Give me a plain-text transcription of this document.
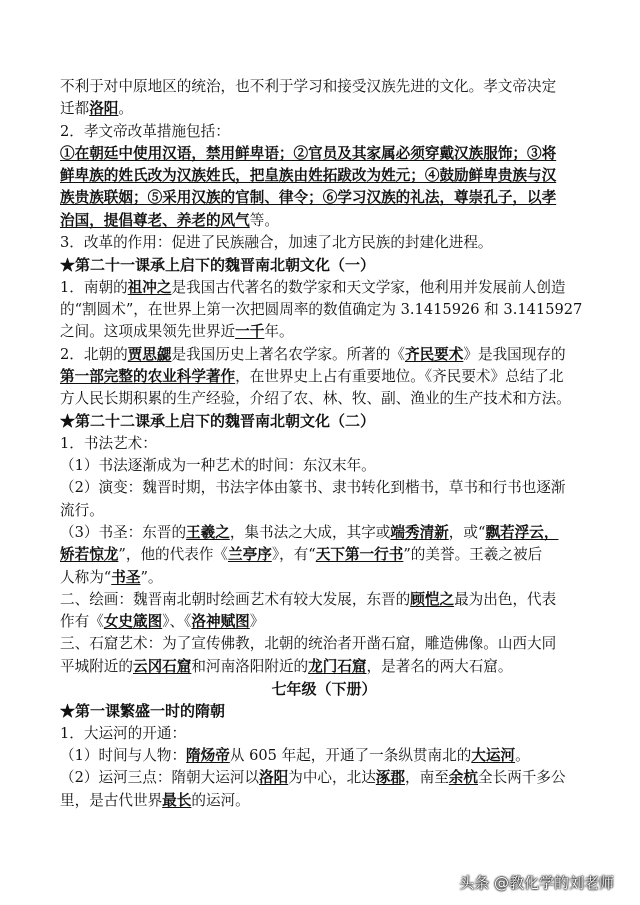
不利于对中原地区的统治，也不利于学习和接受汉族先进的文化。孝文帝决定
迁都洛阳。
2．孝文帝改革措施包括：
①在朝廷中使用汉语，禁用鲜卑语；②官员及其家属必须穿戴汉族服饰；③将
鲜卑族的姓氏改为汉族姓氏，把皇族由姓拓跋改为姓元；④鼓励鲜卑贵族与汉
族贵族联姻；⑤采用汉族的官制、律令；⑥学习汉族的礼法，尊崇孔子，以孝
治国，提倡尊老、养老的风气等。
3．改革的作用：促进了民族融合，加速了北方民族的封建化进程。
★第二十一课承上启下的魏晋南北朝文化（一）
1．南朝的祖冲之是我国古代著名的数学家和天文学家，他利用并发展前人创造
的“割圆术”，在世界上第一次把圆周率的数值确定为 3.1415926 和 3.1415927
之间。这项成果领先世界近一千年。
2．北朝的贾思勰是我国历史上著名农学家。所著的《齐民要术》是我国现存的
第一部完整的农业科学著作，在世界史上占有重要地位。《齐民要术》总结了北
方人民长期积累的生产经验，介绍了农、林、牧、副、渔业的生产技术和方法。
★第二十二课承上启下的魏晋南北朝文化（二）
1．书法艺术：
（1）书法逐渐成为一种艺术的时间：东汉末年。
（2）演变：魏晋时期，书法字体由篆书、隶书转化到楷书，草书和行书也逐渐
流行。
（3）书圣：东晋的王羲之，集书法之大成，其字或端秀清新，或“飘若浮云，
矫若惊龙”，他的代表作《兰亭序》，有“天下第一行书”的美誉。王羲之被后
人称为“书圣”。
二、绘画：魏晋南北朝时绘画艺术有较大发展，东晋的顾恺之最为出色，代表
作有《女史箴图》、《洛神赋图》
三、石窟艺术：为了宣传佛教，北朝的统治者开凿石窟，雕造佛像。山西大同
平城附近的云冈石窟和河南洛阳附近的龙门石窟，是著名的两大石窟。
七年级（下册）
★第一课繁盛一时的隋朝
1．大运河的开通：
（1）时间与人物：隋炀帝从 605 年起，开通了一条纵贯南北的大运河。
（2）运河三点：隋朝大运河以洛阳为中心，北达涿郡，南至余杭全长两千多公
里，是古代世界最长的运河。
头条 @教化学的刘老师
